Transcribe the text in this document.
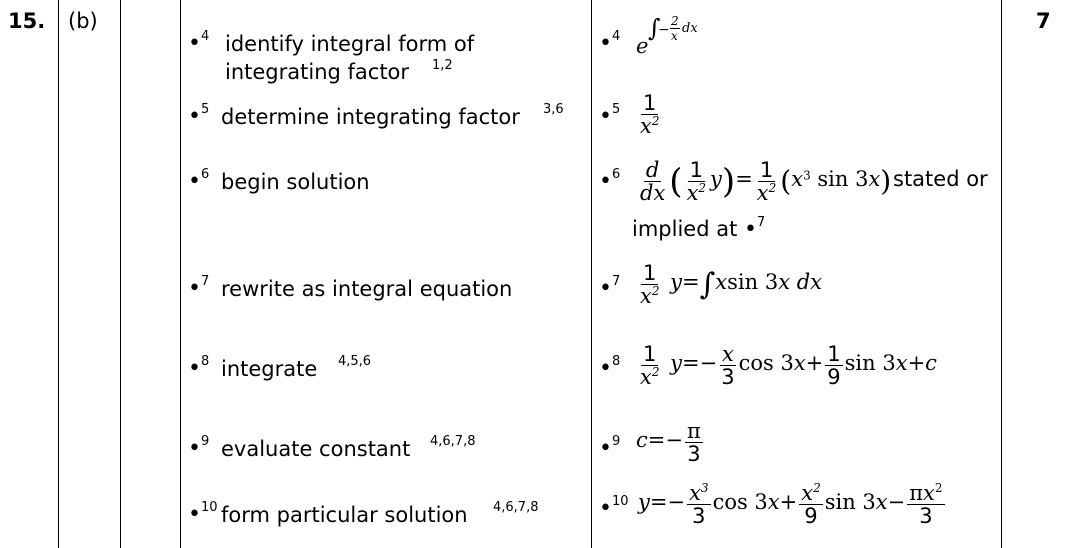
15. (b)	7
•$^4$ identify integral form of
integrating factor 1,2
•$^5$ determine integrating factor 3,6
•$^6$ begin solution
•$^7$ rewrite as integral equation
•$^8$ integrate 4,5,6
•$^9$ evaluate constant 4,6,7,8
•$^{10}$ form particular solution 4,6,7,8
•$^4$
•$^5$
•$^6$
•$^7$
•$^8$
•$^9$
•$^{10}$
e
∫
−
2
x dx
$\frac{1}{x^2}$
$\frac{d}{dx}$ ( $\frac{1}{x^2} y)= \frac{1}{x^2} (x^3$ sin 3x) stated or
implied at •$^7$
$\frac{1}{x^2} y=\int xsin$ 3x dx
$\frac{1}{x^2} y=- \frac{x}{3}$ $\cos 3x+ \frac{1}{9}$ sin 3x+c
$c=- \frac{\pi}{3}$
$y=- \frac{x^3}{3}$ $\cos 3x+ \frac{x^2}{9}$ $\sin 3x- \frac{\pi x^2}{3}$
